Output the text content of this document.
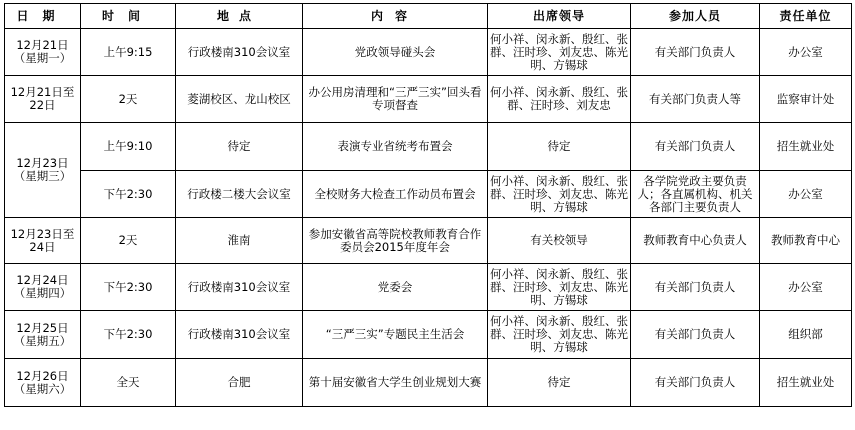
日期	时间	地点	内容	出席领导	参加人员	责任单位
12月21日（星期一）	上午9:15	行政楼南310会议室	党政领导碰头会	何小祥、闵永新、殷红、张群、汪时珍、刘友忠、陈光明、方锡球	有关部门负责人	办公室
12月21日至22日	2天	菱湖校区、龙山校区	办公用房清理和“三严三实”回头看专项督查	何小祥、闵永新、殷红、张群、汪时珍、刘友忠	有关部门负责人等	监察审计处
12月23日（星期三）	上午9:10	待定	表演专业省统考布置会	待定	有关部门负责人	招生就业处
	下午2:30	行政楼二楼大会议室	全校财务大检查工作动员布置会	何小祥、闵永新、殷红、张群、汪时珍、刘友忠、陈光明、方锡球	各学院党政主要负责人；各直属机构、机关各部门主要负责人	办公室
12月23日至24日	2天	淮南	参加安徽省高等院校教师教育合作委员会2015年度年会	有关校领导	教师教育中心负责人	教师教育中心
12月24日（星期四）	下午2:30	行政楼南310会议室	党委会	何小祥、闵永新、殷红、张群、汪时珍、刘友忠、陈光明、方锡球	有关部门负责人	办公室
12月25日（星期五）	下午2:30	行政楼南310会议室	“三严三实”专题民主生活会	何小祥、闵永新、殷红、张群、汪时珍、刘友忠、陈光明、方锡球	有关部门负责人	组织部
12月26日（星期六）	全天	合肥	第十届安徽省大学生创业规划大赛	待定	有关部门负责人	招生就业处
